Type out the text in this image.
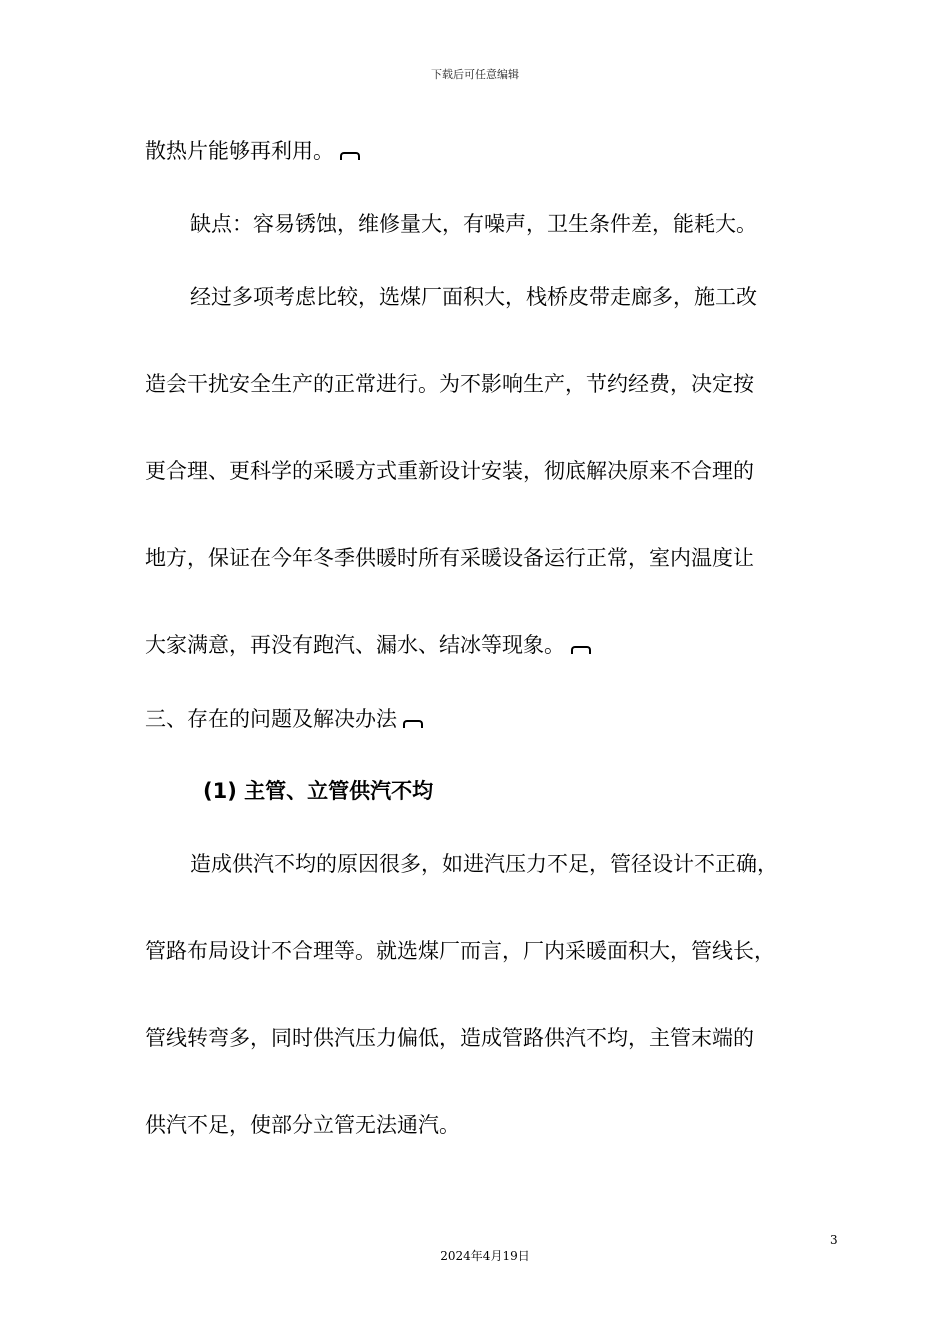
下载后可任意编辑
散热片能够再利用。
缺点：容易锈蚀，维修量大，有噪声，卫生条件差，能耗大。
经过多项考虑比较，选煤厂面积大，栈桥皮带走廊多，施工改
造会干扰安全生产的正常进行。为不影响生产，节约经费，决定按
更合理、更科学的采暖方式重新设计安装，彻底解决原来不合理的
地方，保证在今年冬季供暖时所有采暖设备运行正常，室内温度让
大家满意，再没有跑汽、漏水、结冰等现象。
三、存在的问题及解决办法
(1) 主管、立管供汽不均
造成供汽不均的原因很多，如进汽压力不足，管径设计不正确，
管路布局设计不合理等。就选煤厂而言，厂内采暖面积大，管线长，
管线转弯多，同时供汽压力偏低，造成管路供汽不均，主管末端的
供汽不足，使部分立管无法通汽。
3
2024年4月19日
